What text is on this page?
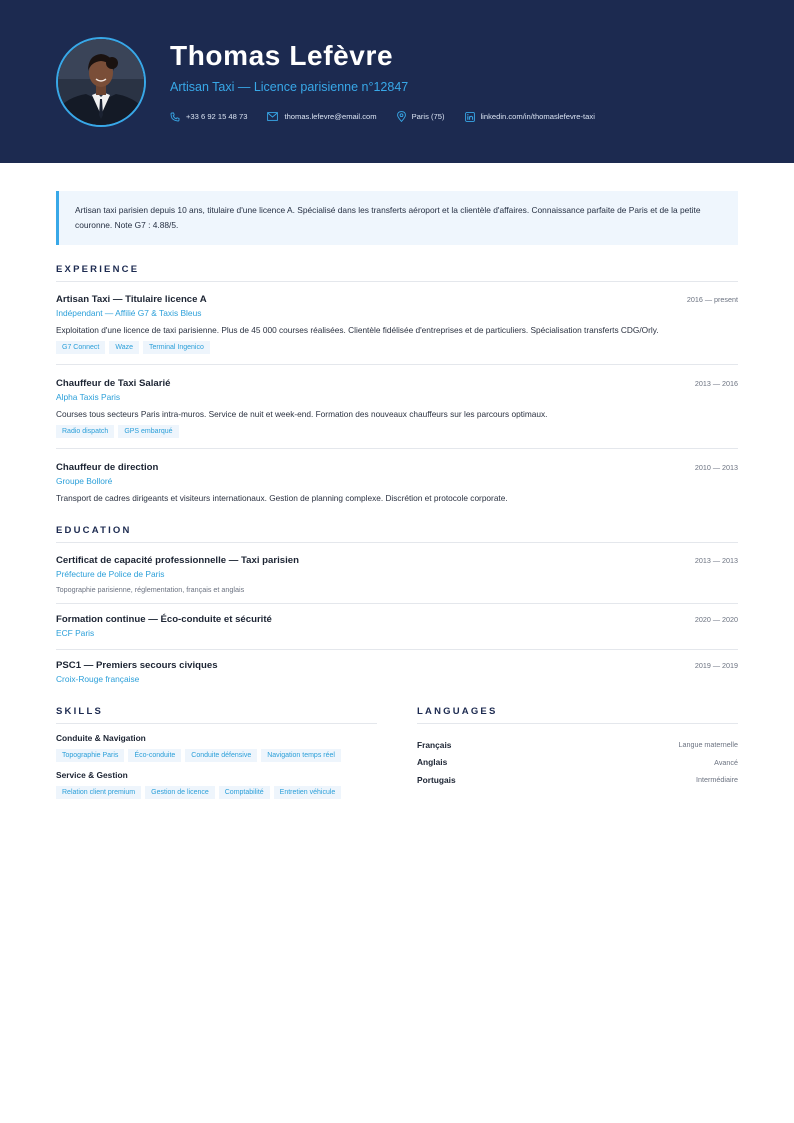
Thomas Lefèvre
Artisan Taxi — Licence parisienne n°12847
+33 6 92 15 48 73	thomas.lefevre@email.com	Paris (75)	linkedin.com/in/thomaslefevre-taxi
Artisan taxi parisien depuis 10 ans, titulaire d'une licence A. Spécialisé dans les transferts aéroport et la clientèle d'affaires. Connaissance parfaite de Paris et de la petite couronne. Note G7 : 4.88/5.
EXPERIENCE
Artisan Taxi — Titulaire licence A	2016 — present
Indépendant — Affilié G7 & Taxis Bleus
Exploitation d'une licence de taxi parisienne. Plus de 45 000 courses réalisées. Clientèle fidélisée d'entreprises et de particuliers. Spécialisation transferts CDG/Orly.
G7 Connect	Waze	Terminal Ingenico
Chauffeur de Taxi Salarié	2013 — 2016
Alpha Taxis Paris
Courses tous secteurs Paris intra-muros. Service de nuit et week-end. Formation des nouveaux chauffeurs sur les parcours optimaux.
Radio dispatch	GPS embarqué
Chauffeur de direction	2010 — 2013
Groupe Bolloré
Transport de cadres dirigeants et visiteurs internationaux. Gestion de planning complexe. Discrétion et protocole corporate.
EDUCATION
Certificat de capacité professionnelle — Taxi parisien	2013 — 2013
Préfecture de Police de Paris
Topographie parisienne, réglementation, français et anglais
Formation continue — Éco-conduite et sécurité	2020 — 2020
ECF Paris
PSC1 — Premiers secours civiques	2019 — 2019
Croix-Rouge française
SKILLS
Conduite & Navigation
Topographie Paris	Éco-conduite	Conduite défensive	Navigation temps réel
Service & Gestion
Relation client premium	Gestion de licence	Comptabilité	Entretien véhicule
LANGUAGES
Français	Langue maternelle
Anglais	Avancé
Portugais	Intermédiaire
